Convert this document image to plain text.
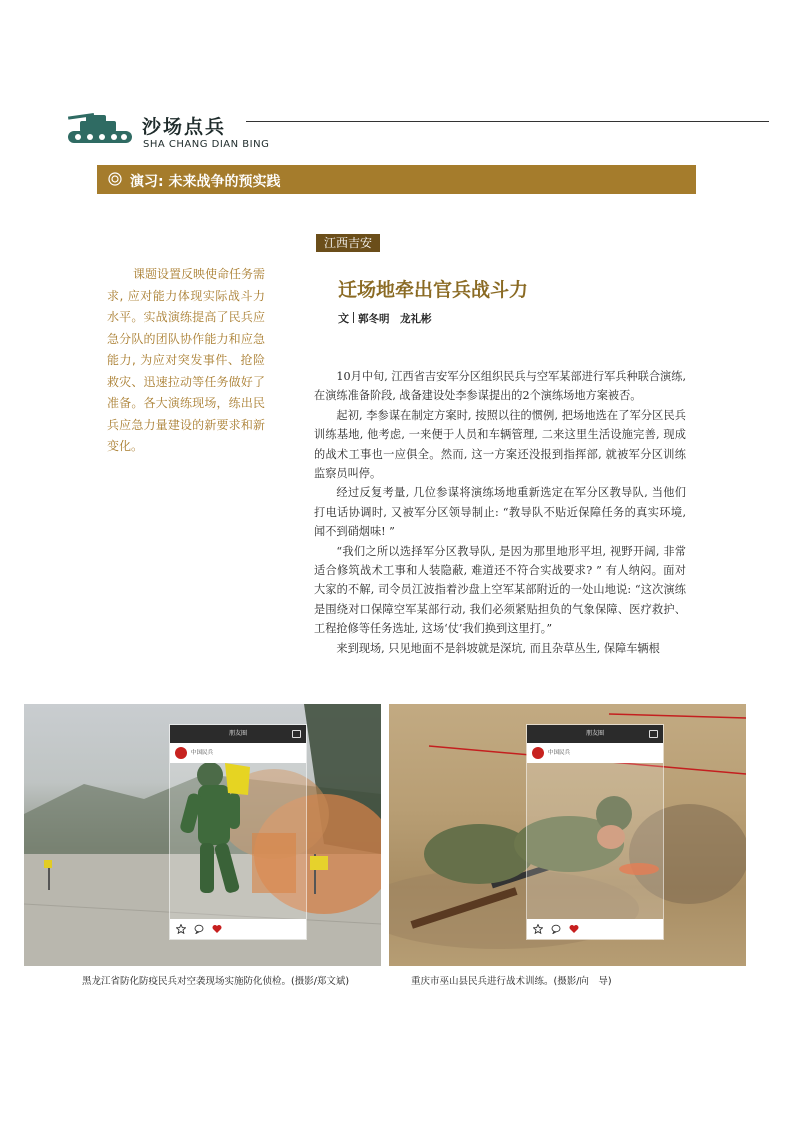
沙场点兵
SHA CHANG DIAN BING
演习: 未来战争的预实践
江西吉安
课题设置反映使命任务需求, 应对能力体现实际战斗力水平。实战演练提高了民兵应急分队的团队协作能力和应急能力, 为应对突发事件、抢险救灾、迅速拉动等任务做好了准备。各大演练现场，练出民兵应急力量建设的新要求和新变化。
迁场地牵出官兵战斗力
文 郭冬明　龙礼彬

10月中旬, 江西省吉安军分区组织民兵与空军某部进行军兵种联合演练, 在演练准备阶段, 战备建设处李参谋提出的2个演练场地方案被否。

起初, 李参谋在制定方案时, 按照以往的惯例, 把场地选在了军分区民兵训练基地, 他考虑, 一来便于人员和车辆管理, 二来这里生活设施完善, 现成的战术工事也一应俱全。然而, 这一方案还没报到指挥部, 就被军分区训练监察员叫停。

经过反复考量, 几位参谋将演练场地重新选定在军分区教导队, 当他们打电话协调时, 又被军分区领导制止: “教导队不贴近保障任务的真实环境, 闻不到硝烟味! ”

“我们之所以选择军分区教导队, 是因为那里地形平坦, 视野开阔, 非常适合修筑战术工事和人装隐蔽, 难道还不符合实战要求? ” 有人纳闷。面对大家的不解, 司令员江波指着沙盘上空军某部附近的一处山地说: “这次演练是围绕对口保障空军某部行动, 我们必须紧贴担负的气象保障、医疗救护、工程抢修等任务选址, 这场‘仗’我们换到这里打。”

来到现场, 只见地面不是斜坡就是深坑, 而且杂草丛生, 保障车辆根

朋友圈
中国民兵
朋友圈
中国民兵
黑龙江省防化防疫民兵对空袭现场实施防化侦检。(摄影/郑文斌)	重庆市巫山县民兵进行战术训练。(摄影/向　导)
